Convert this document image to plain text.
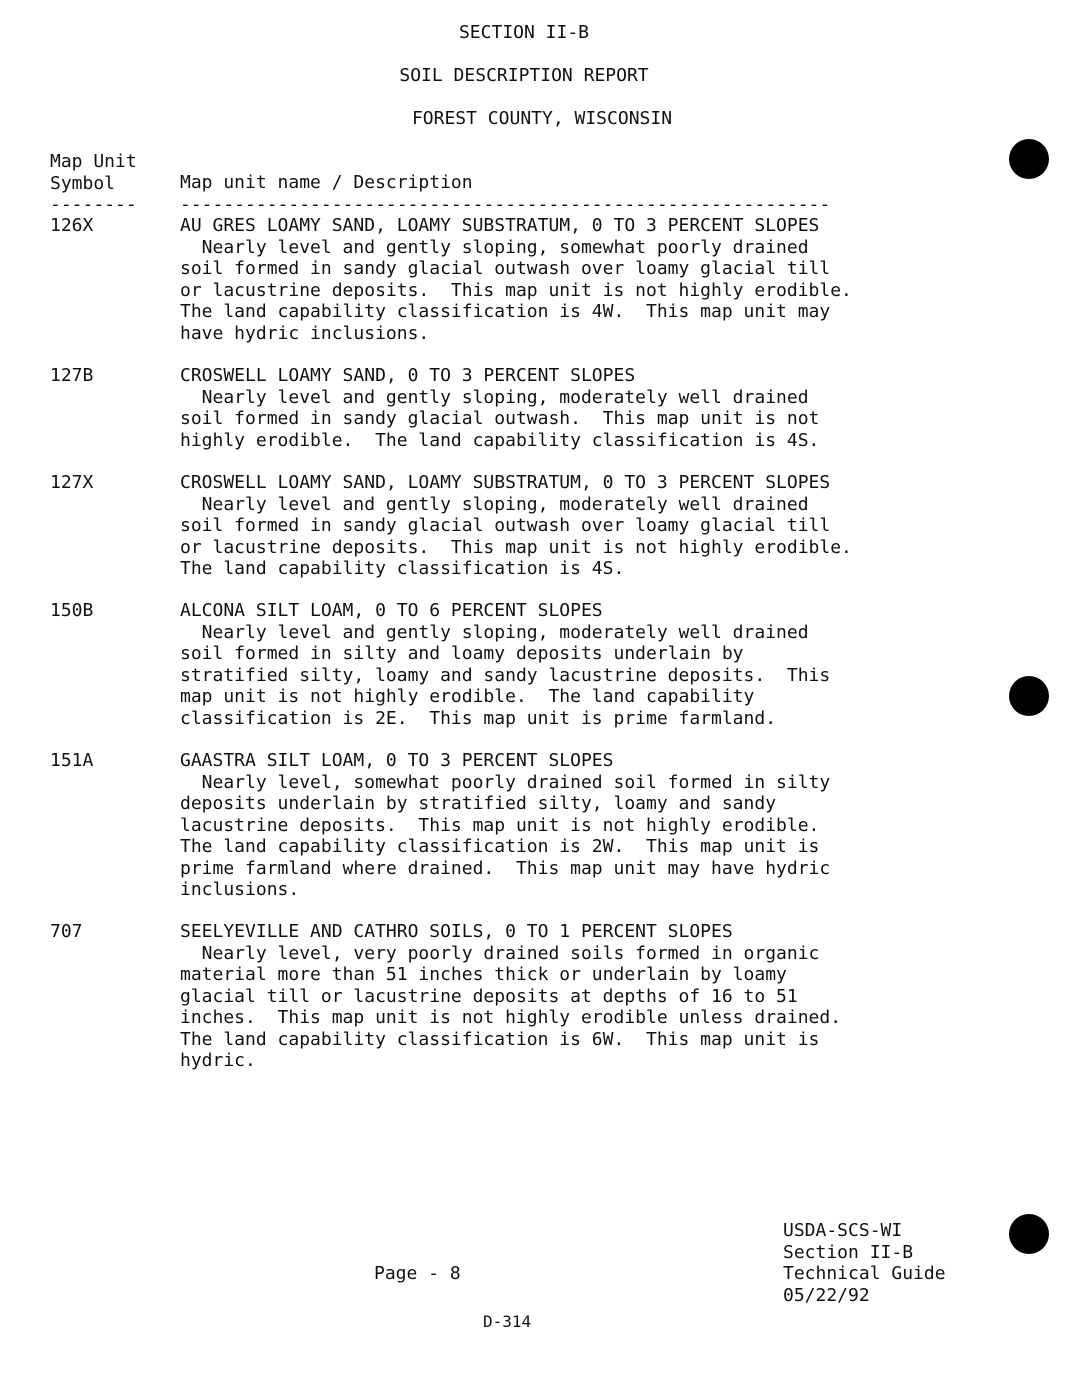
SECTION II-B
SOIL DESCRIPTION REPORT
FOREST COUNTY, WISCONSIN
Map Unit
Symbol	Map unit name / Description
-------- ------------------------------------------------------------
126X	AU GRES LOAMY SAND, LOAMY SUBSTRATUM, 0 TO 3 PERCENT SLOPES
Nearly level and gently sloping, somewhat poorly drained
soil formed in sandy glacial outwash over loamy glacial till
or lacustrine deposits.  This map unit is not highly erodible.
The land capability classification is 4W.  This map unit may
have hydric inclusions.
127B	CROSWELL LOAMY SAND, 0 TO 3 PERCENT SLOPES
Nearly level and gently sloping, moderately well drained
soil formed in sandy glacial outwash.  This map unit is not
highly erodible.  The land capability classification is 4S.
127X	CROSWELL LOAMY SAND, LOAMY SUBSTRATUM, 0 TO 3 PERCENT SLOPES
Nearly level and gently sloping, moderately well drained
soil formed in sandy glacial outwash over loamy glacial till
or lacustrine deposits.  This map unit is not highly erodible.
The land capability classification is 4S.
150B	ALCONA SILT LOAM, 0 TO 6 PERCENT SLOPES
Nearly level and gently sloping, moderately well drained
soil formed in silty and loamy deposits underlain by
stratified silty, loamy and sandy lacustrine deposits.  This
map unit is not highly erodible.  The land capability
classification is 2E.  This map unit is prime farmland.
151A	GAASTRA SILT LOAM, 0 TO 3 PERCENT SLOPES
Nearly level, somewhat poorly drained soil formed in silty
deposits underlain by stratified silty, loamy and sandy
lacustrine deposits.  This map unit is not highly erodible.
The land capability classification is 2W.  This map unit is
prime farmland where drained.  This map unit may have hydric
inclusions.
707	SEELYEVILLE AND CATHRO SOILS, 0 TO 1 PERCENT SLOPES
Nearly level, very poorly drained soils formed in organic
material more than 51 inches thick or underlain by loamy
glacial till or lacustrine deposits at depths of 16 to 51
inches.  This map unit is not highly erodible unless drained.
The land capability classification is 6W.  This map unit is
hydric.
Page - 8
USDA-SCS-WI
Section II-B
Technical Guide
05/22/92
D-314
